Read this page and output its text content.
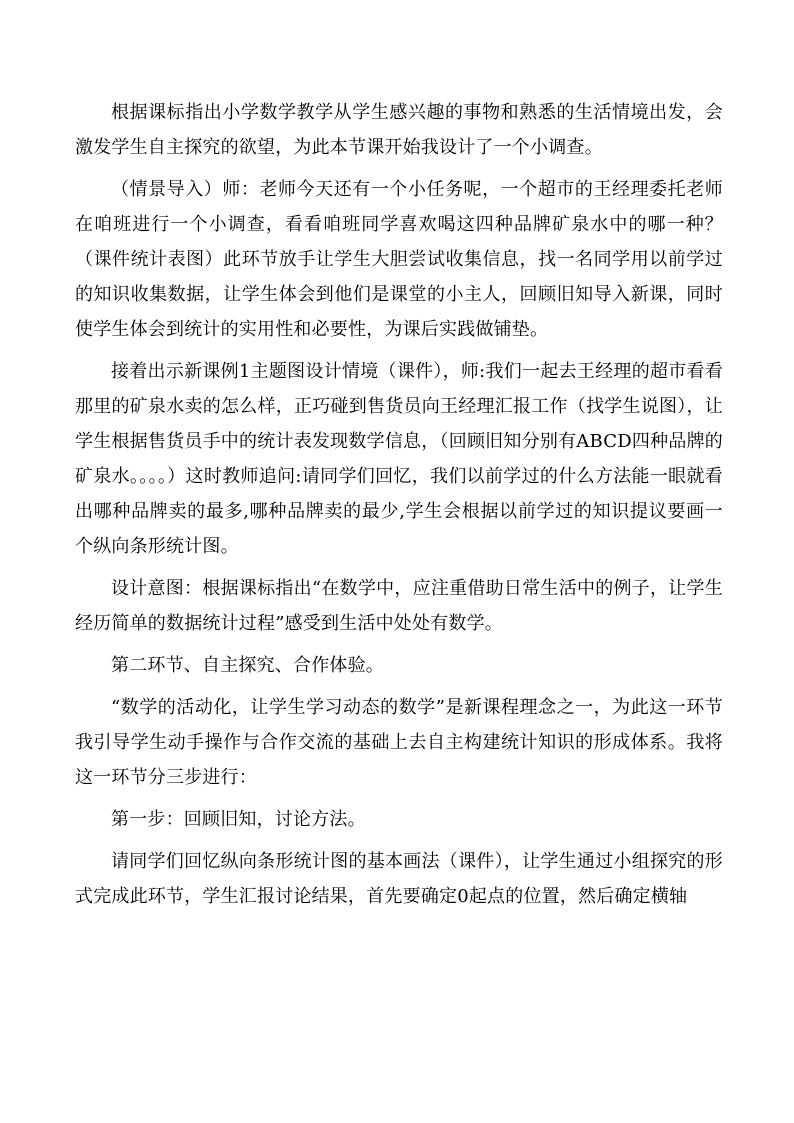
根据课标指出小学数学教学从学生感兴趣的事物和熟悉的生活情境出发，会激发学生自主探究的欲望，为此本节课开始我设计了一个小调查。

（情景导入）师：老师今天还有一个小任务呢，一个超市的王经理委托老师在咱班进行一个小调查，看看咱班同学喜欢喝这四种品牌矿泉水中的哪一种？（课件统计表图）此环节放手让学生大胆尝试收集信息，找一名同学用以前学过的知识收集数据，让学生体会到他们是课堂的小主人，回顾旧知导入新课，同时使学生体会到统计的实用性和必要性，为课后实践做铺垫。

接着出示新课例1主题图设计情境（课件），师:我们一起去王经理的超市看看那里的矿泉水卖的怎么样，正巧碰到售货员向王经理汇报工作（找学生说图），让学生根据售货员手中的统计表发现数学信息，（回顾旧知分别有ABCD四种品牌的矿泉水。。。。）这时教师追问:请同学们回忆，我们以前学过的什么方法能一眼就看出哪种品牌卖的最多,哪种品牌卖的最少,学生会根据以前学过的知识提议要画一个纵向条形统计图。

设计意图：根据课标指出“在数学中，应注重借助日常生活中的例子，让学生经历简单的数据统计过程”感受到生活中处处有数学。

第二环节、自主探究、合作体验。

“数学的活动化，让学生学习动态的数学”是新课程理念之一，为此这一环节我引导学生动手操作与合作交流的基础上去自主构建统计知识的形成体系。我将这一环节分三步进行：

第一步：回顾旧知，讨论方法。

请同学们回忆纵向条形统计图的基本画法（课件），让学生通过小组探究的形式完成此环节，学生汇报讨论结果，首先要确定0起点的位置，然后确定横轴
